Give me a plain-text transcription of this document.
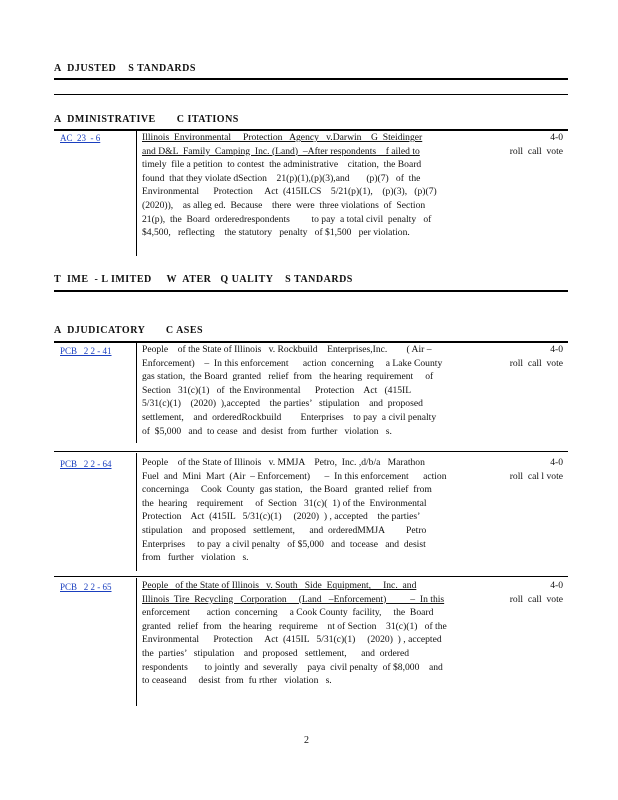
A  DJUSTED    S TANDARDS
A  DMINISTRATIVE       C ITATIONS
AC  23  - 6	Illinois  Environmental     Protection   Agency   v.Darwin    G  Steidinger
and D&L  Family  Camping  Inc. (Land)  –After respondents    f ailed to
timely  file a petition  to contest  the administrative    citation,  the Board
found  that they violate dSection    21(p)(1),(p)(3),and       (p)(7)   of  the
Environmental      Protection     Act  (415ILCS    5/21(p)(1),    (p)(3),   (p)(7)
(2020)),    as alleg ed.  Because    there  were  three violations  of  Section
21(p),  the  Board  orderedrespondents         to pay  a total civil  penalty   of
$4,500,   reflecting    the statutory   penalty   of $1,500   per violation.
4-0
roll  call  vote
T  IME  - L IMITED     W  ATER   Q UALITY    S TANDARDS
A  DJUDICATORY       C ASES
PCB   2 2 - 41	People    of the State of Illinois   v. Rockbuild    Enterprises,Inc.        ( Air –
Enforcement)    –  In this enforcement      action  concerning     a Lake County
gas station,  the Board  granted   relief  from   the hearing  requirement     of
Section   31(c)(1)   of  the Environmental      Protection    Act   (415IL
5/31(c)(1)    (2020)  ),accepted    the parties’   stipulation    and  proposed
settlement,    and  orderedRockbuild        Enterprises    to pay  a civil penalty
of  $5,000   and  to cease  and  desist  from  further   violation   s.
4-0
roll  call  vote
PCB   2 2 - 64	People    of the State of Illinois   v. MMJA    Petro,  Inc. ,d/b/a   Marathon
Fuel  and  Mini  Mart  (Air  – Enforcement)      –  In this enforcement      action
concerninga     Cook  County  gas station,   the Board   granted  relief  from
the  hearing    requirement     of  Section   31(c)(  1) of the  Environmental
Protection    Act  (415IL   5/31(c)(1)     (2020)  ) , accepted    the parties’
stipulation    and  proposed   settlement,      and  orderedMMJA         Petro
Enterprises     to pay  a civil penalty   of $5,000   and  tocease   and  desist
from   further   violation   s.
4-0
roll  cal l vote
PCB   2 2 - 65	People   of the State of Illinois   v. South   Side  Equipment,     Inc.  and
Illinois  Tire  Recycling   Corporation     (Land   –Enforcement)          –  In this
enforcement       action  concerning     a Cook County  facility,     the  Board
granted   relief  from   the hearing   requireme    nt of Section    31(c)(1)   of the
Environmental      Protection     Act  (415IL   5/31(c)(1)     (2020)  ) , accepted
the  parties’   stipulation    and  proposed   settlement,      and  ordered
respondents       to jointly  and  severally    paya  civil penalty  of $8,000    and
to ceaseand     desist  from  fu rther   violation   s.
4-0
roll  call  vote
2
